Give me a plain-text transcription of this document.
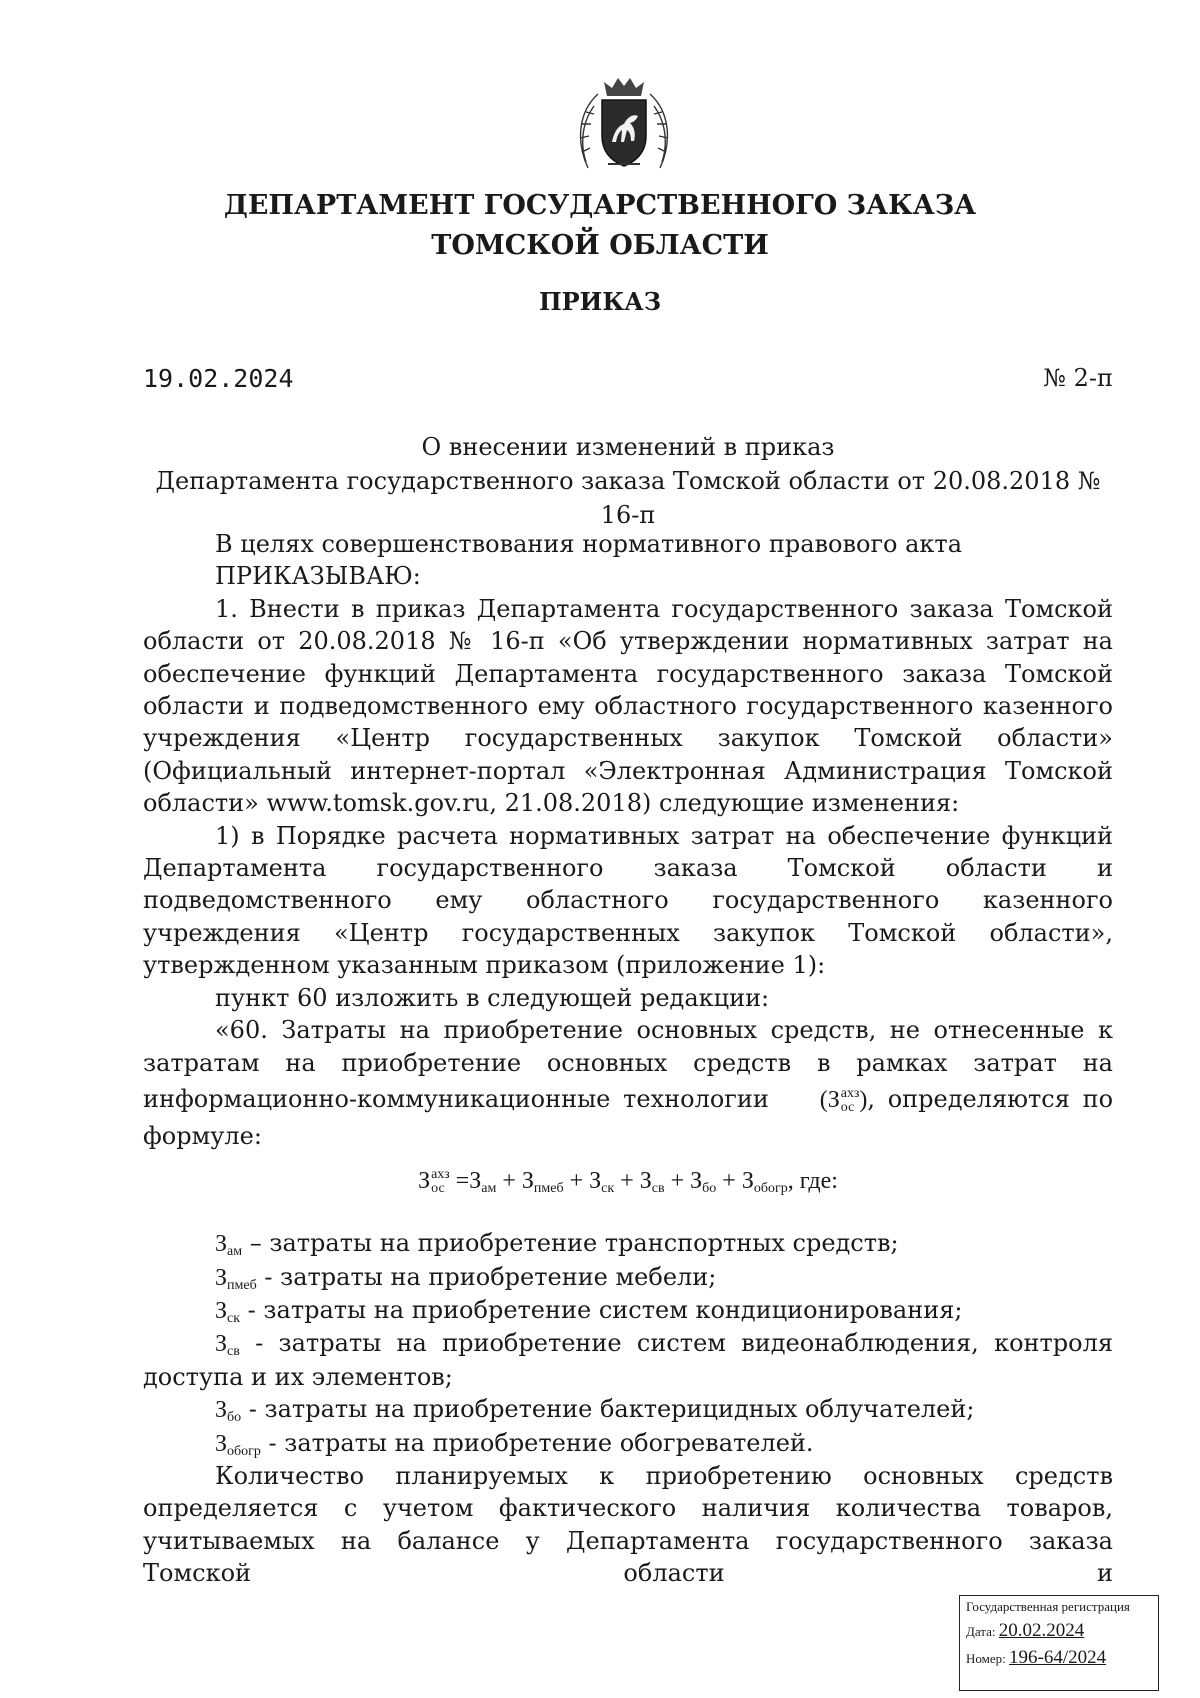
ДЕПАРТАМЕНТ ГОСУДАРСТВЕННОГО ЗАКАЗА
ТОМСКОЙ ОБЛАСТИ
ПРИКАЗ
19.02.2024	№ 2-п
О внесении изменений в приказ
Департамента государственного заказа Томской области от 20.08.2018 № 16-п

В целях совершенствования нормативного правового акта

ПРИКАЗЫВАЮ:

1. Внести в приказ Департамента государственного заказа Томской области от 20.08.2018 № 16-п «Об утверждении нормативных затрат на обеспечение функций Департамента государственного заказа Томской области и подведомственного ему областного государственного казенного учреждения «Центр государственных закупок Томской области» (Официальный интернет-портал «Электронная Администрация Томской области» www.tomsk.gov.ru, 21.08.2018) следующие изменения:

1) в Порядке расчета нормативных затрат на обеспечение функций Департамента государственного заказа Томской области и подведомственного ему областного государственного казенного учреждения «Центр государственных закупок Томской области», утвержденном указанным приказом (приложение 1):

пункт 60 изложить в следующей редакции:

«60. Затраты на приобретение основных средств, не отнесенные к затратам на приобретение основных средств в рамках затрат на

информационно-коммуникационные технологии (З ахз
ос ), определяются по

формуле:

З ахз
ос $=З_{ам} + З_{пмеб} + З_{ск} + З_{св} + З_{бо} + З_{обогр}$, где:

$З_{ам}$ – затраты на приобретение транспортных средств;

$З_{пмеб}$ - затраты на приобретение мебели;

$З_{ск}$ - затраты на приобретение систем кондиционирования;

$З_{св}$ - затраты на приобретение систем видеонаблюдения, контроля доступа и их элементов;

$З_{бо}$ - затраты на приобретение бактерицидных облучателей;

$З_{обогр}$ - затраты на приобретение обогревателей.

Количество планируемых к приобретению основных средств определяется с учетом фактического наличия количества товаров, учитываемых на балансе у Департамента государственного заказа Томской области и

Государственная регистрация
Дата: 20.02.2024
Номер: 196-64/2024
